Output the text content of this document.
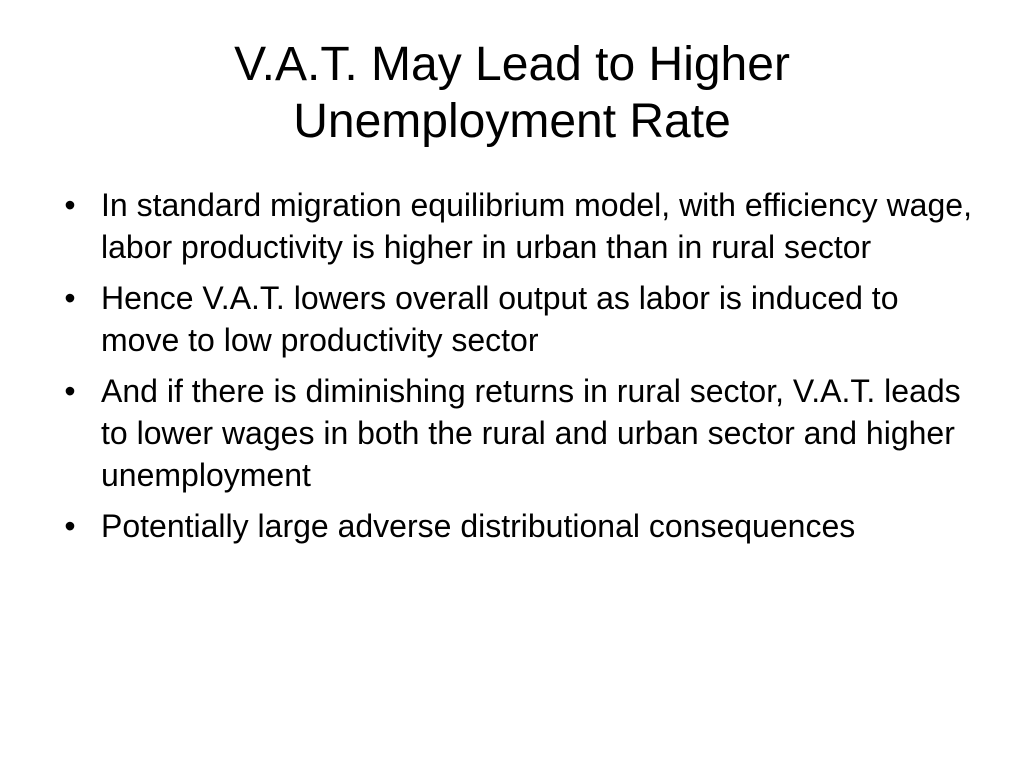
V.A.T. May Lead to Higher
Unemployment Rate
• In standard migration equilibrium model, with efficiency wage, labor productivity is higher in urban than in rural sector
• Hence V.A.T. lowers overall output as labor is induced to move to low productivity sector
• And if there is diminishing returns in rural sector, V.A.T. leads to lower wages in both the rural and urban sector and higher unemployment
• Potentially large adverse distributional consequences
